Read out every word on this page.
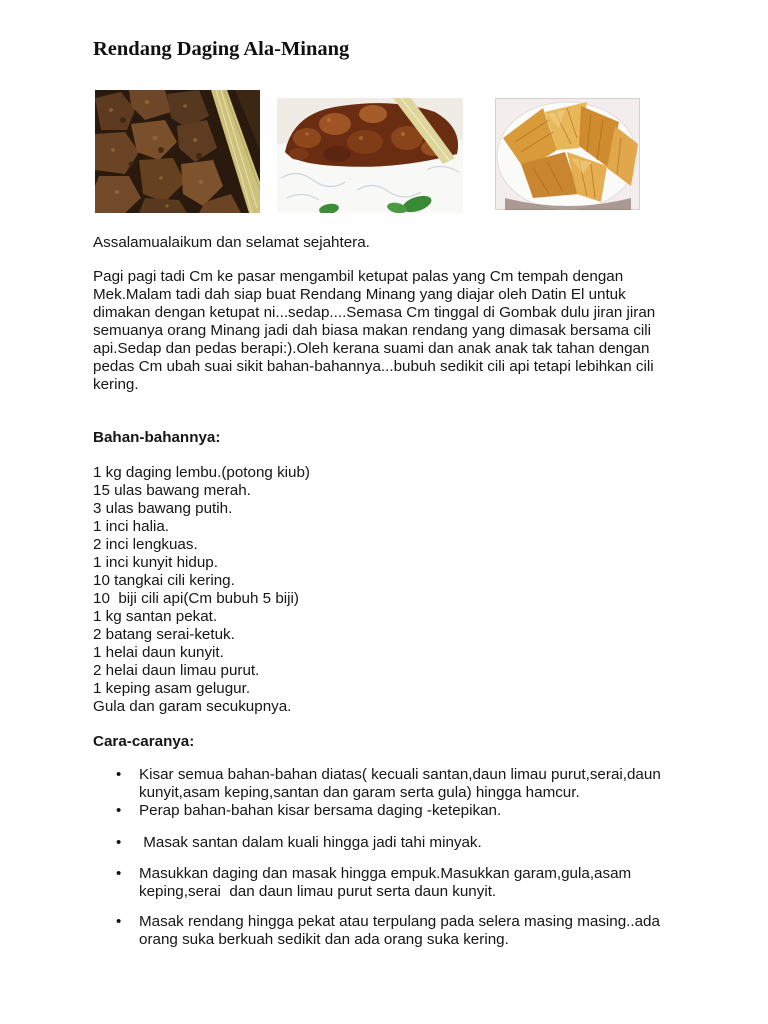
Rendang Daging Ala-Minang
Assalamualaikum dan selamat sejahtera.
Pagi pagi tadi Cm ke pasar mengambil ketupat palas yang Cm tempah dengan
Mek.Malam tadi dah siap buat Rendang Minang yang diajar oleh Datin El untuk
dimakan dengan ketupat ni...sedap....Semasa Cm tinggal di Gombak dulu jiran jiran
semuanya orang Minang jadi dah biasa makan rendang yang dimasak bersama cili
api.Sedap dan pedas berapi:).Oleh kerana suami dan anak anak tak tahan dengan
pedas Cm ubah suai sikit bahan-bahannya...bubuh sedikit cili api tetapi lebihkan cili
kering.
Bahan-bahannya:
1 kg daging lembu.(potong kiub)
15 ulas bawang merah.
3 ulas bawang putih.
1 inci halia.
2 inci lengkuas.
1 inci kunyit hidup.
10 tangkai cili kering.
10  biji cili api(Cm bubuh 5 biji)
1 kg santan pekat.
2 batang serai-ketuk.
1 helai daun kunyit.
2 helai daun limau purut.
1 keping asam gelugur.
Gula dan garam secukupnya.
Cara-caranya:
• Kisar semua bahan-bahan diatas( kecuali santan,daun limau purut,serai,daun
kunyit,asam keping,santan dan garam serta gula) hingga hamcur.
• Perap bahan-bahan kisar bersama daging -ketepikan.
•  Masak santan dalam kuali hingga jadi tahi minyak.
• Masukkan daging dan masak hingga empuk.Masukkan garam,gula,asam
keping,serai  dan daun limau purut serta daun kunyit.
• Masak rendang hingga pekat atau terpulang pada selera masing masing..ada
orang suka berkuah sedikit dan ada orang suka kering.
